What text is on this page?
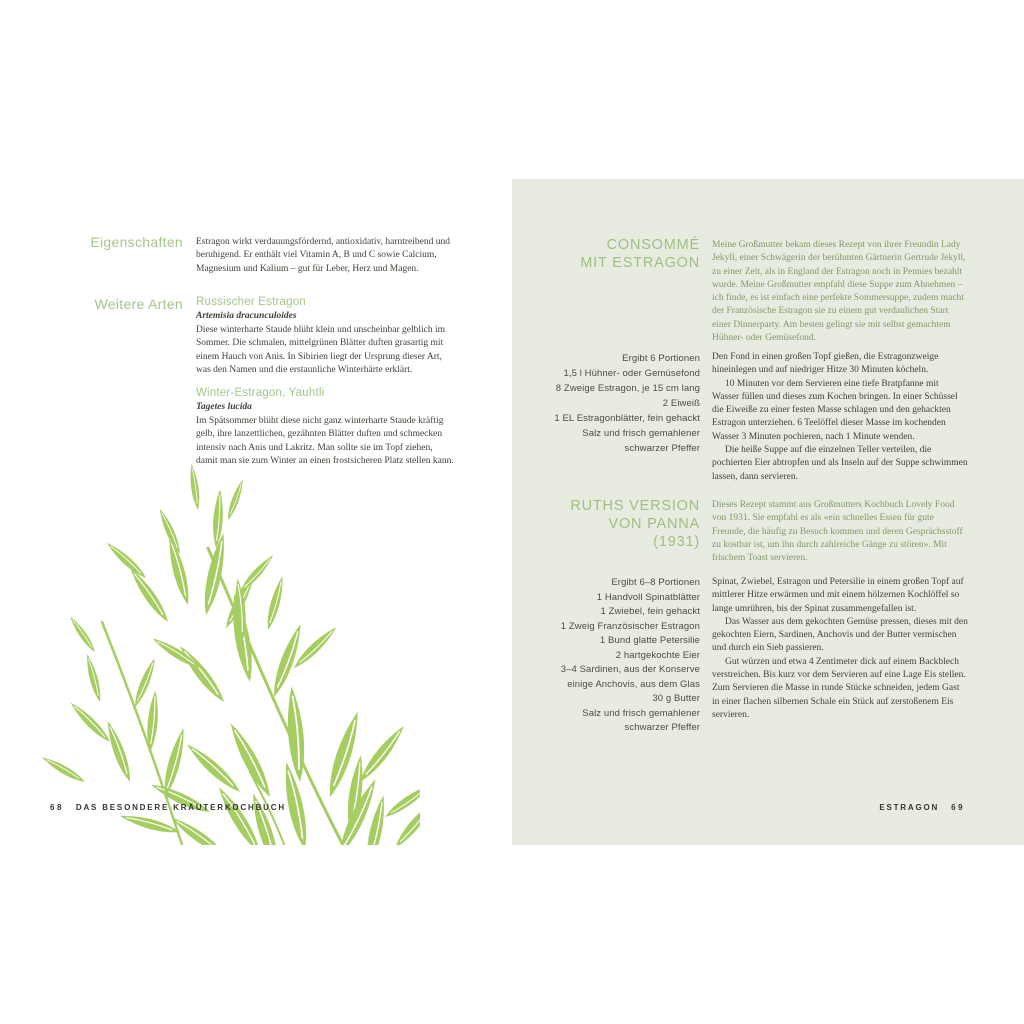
Eigenschaften Estragon wirkt verdauungsfördernd, antioxidativ, harntreibend und beruhigend. Er enthält viel Vitamin A, B und C sowie Calcium, Magnesium und Kalium – gut für Leber, Herz und Magen.
Weitere Arten Russischer Estragon
Artemisia dracunculoides

Diese winterharte Staude blüht klein und unscheinbar gelblich im Sommer. Die schmalen, mittelgrünen Blätter duften grasartig mit einem Hauch von Anis. In Sibirien liegt der Ursprung dieser Art, was den Namen und die erstaunliche Winterhärte erklärt.

Winter-Estragon, Yauhtli
Tagetes lucida

Im Spätsommer blüht diese nicht ganz winterharte Staude kräftig gelb, ihre lanzettlichen, gezähnten Blätter duften und schmecken intensiv nach Anis und Lakritz. Man sollte sie im Topf ziehen, damit man sie zum Winter an einen frostsicheren Platz stellen kann.

68 DAS BESONDERE KRÄUTERKOCHBUCH
CONSOMMÉ
MIT ESTRAGON
Meine Großmutter bekam dieses Rezept von ihrer Freundin Lady Jekyll, einer Schwägerin der berühmten Gärtnerin Gertrude Jekyll, zu einer Zeit, als in England der Estragon noch in Pennies bezahlt wurde. Meine Großmutter empfahl diese Suppe zum Abnehmen – ich finde, es ist einfach eine perfekte Sommersuppe, zudem macht der Französische Estragon sie zu einem gut verdaulichen Start einer Dinnerparty. Am besten gelingt sie mit selbst gemachtem Hühner- oder Gemüsefond.
Ergibt 6 Portionen
1,5 l Hühner- oder Gemüsefond
8 Zweige Estragon, je 15 cm lang
2 Eiweiß
1 EL Estragonblätter, fein gehackt
Salz und frisch gemahlener
schwarzer Pfeffer

Den Fond in einen großen Topf gießen, die Estragonzweige hineinlegen und auf niedriger Hitze 30 Minuten köcheln.

10 Minuten vor dem Servieren eine tiefe Bratpfanne mit Wasser füllen und dieses zum Kochen bringen. In einer Schüssel die Eiweiße zu einer festen Masse schlagen und den gehackten Estragon unterziehen. 6 Teelöffel dieser Masse im kochenden Wasser 3 Minuten pochieren, nach 1 Minute wenden.

Die heiße Suppe auf die einzelnen Teller verteilen, die pochierten Eier abtropfen und als Inseln auf der Suppe schwimmen lassen, dann servieren.

RUTHS VERSION
VON PANNA
(1931)
Dieses Rezept stammt aus Großmutters Kochbuch Lovely Food von 1931. Sie empfahl es als «ein schnelles Essen für gute Freunde, die häufig zu Besuch kommen und deren Gesprächsstoff zu kostbar ist, um ihn durch zahlreiche Gänge zu stören». Mit frischem Toast servieren.
Ergibt 6–8 Portionen
1 Handvoll Spinatblätter
1 Zwiebel, fein gehackt
1 Zweig Französischer Estragon
1 Bund glatte Petersilie
2 hartgekochte Eier
3–4 Sardinen, aus der Konserve
einige Anchovis, aus dem Glas
30 g Butter
Salz und frisch gemahlener
schwarzer Pfeffer

Spinat, Zwiebel, Estragon und Petersilie in einem großen Topf auf mittlerer Hitze erwärmen und mit einem hölzernen Kochlöffel so lange umrühren, bis der Spinat zusammengefallen ist.

Das Wasser aus dem gekochten Gemüse pressen, dieses mit den gekochten Eiern, Sardinen, Anchovis und der Butter vermischen und durch ein Sieb passieren.

Gut würzen und etwa 4 Zentimeter dick auf einem Backblech verstreichen. Bis kurz vor dem Servieren auf eine Lage Eis stellen. Zum Servieren die Masse in runde Stücke schneiden, jedem Gast in einer flachen silbernen Schale ein Stück auf zerstoßenem Eis servieren.

ESTRAGON 69
